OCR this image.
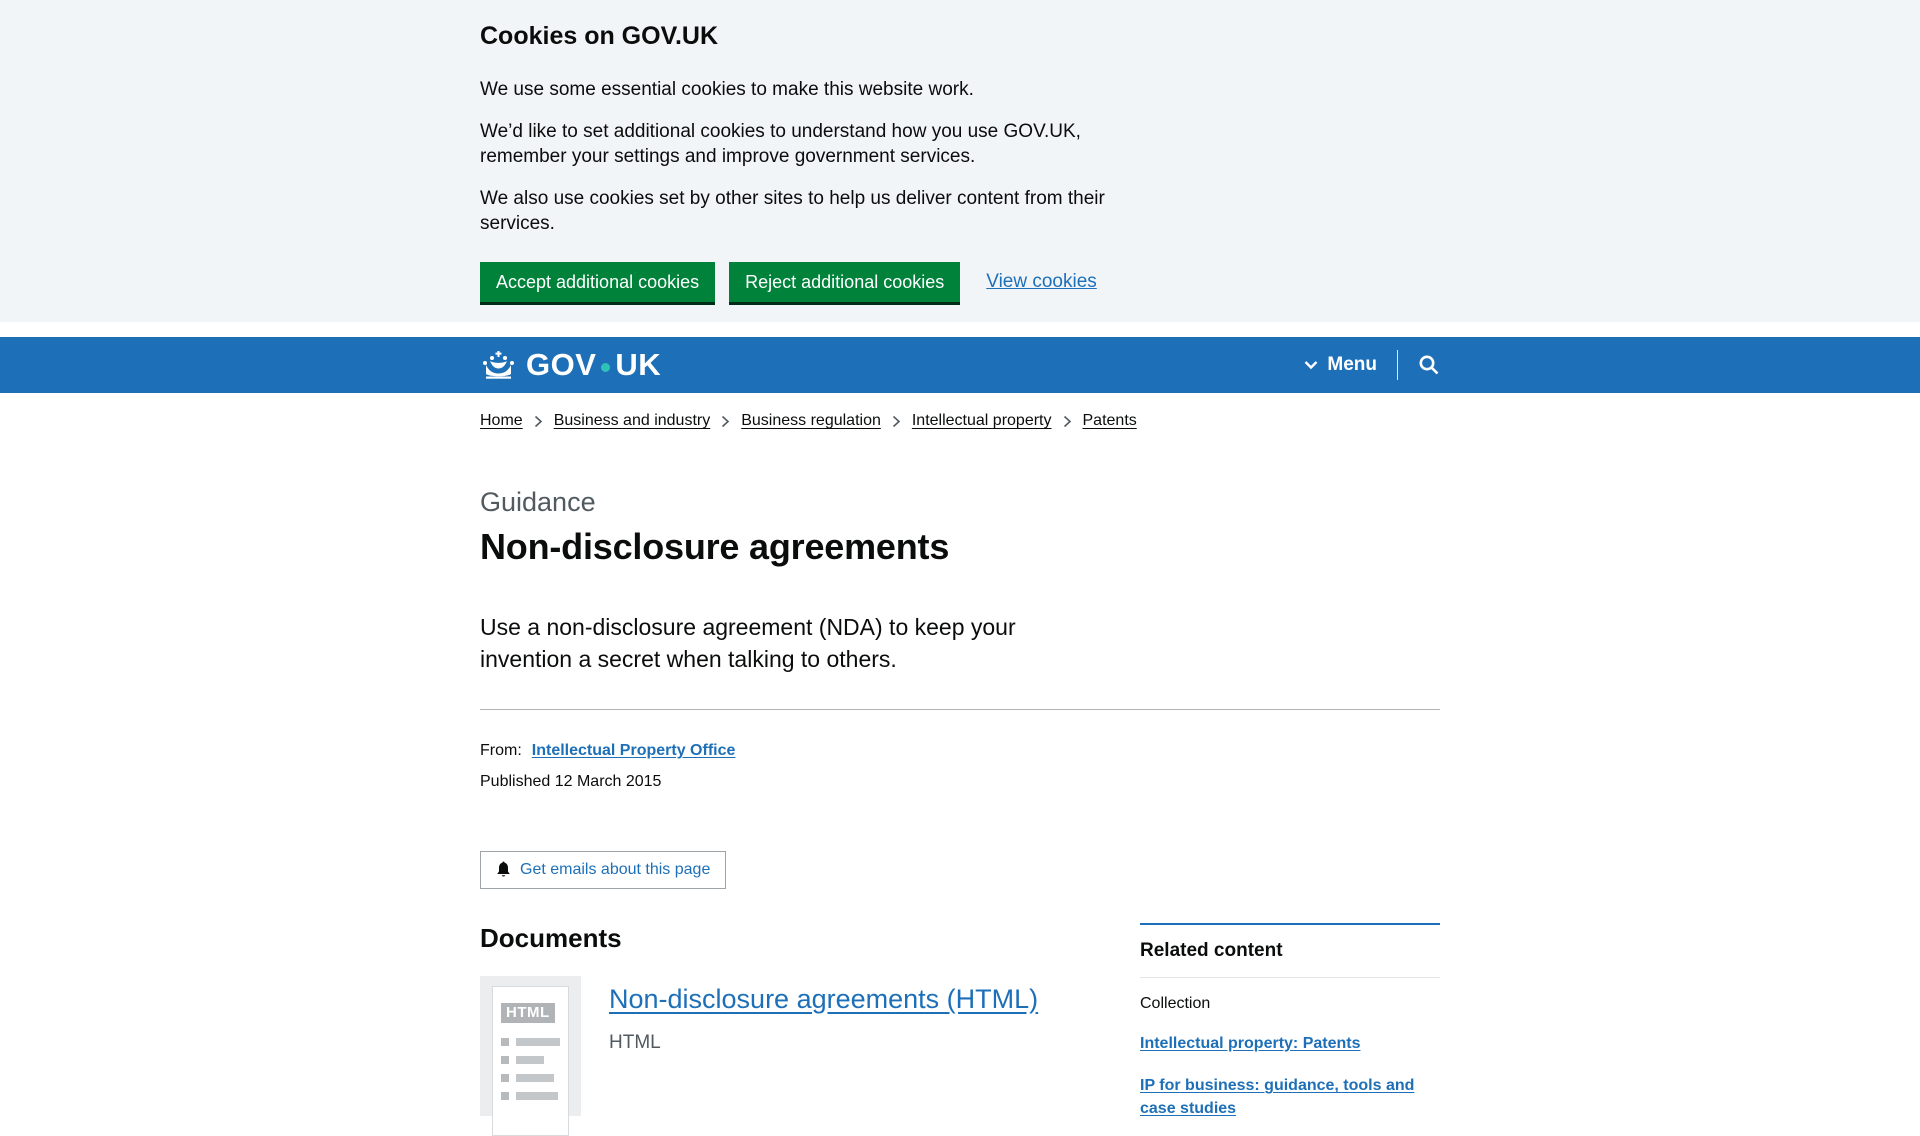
Cookies on GOV.UK

We use some essential cookies to make this website work.

We’d like to set additional cookies to understand how you use GOV.UK, remember your settings and improve government services.

We also use cookies set by other sites to help us deliver content from their services.

Accept additional cookies	Reject additional cookies	View cookies
GOV UK	Menu
Home Business and industry Business regulation Intellectual property Patents

Guidance

Non-disclosure agreements

Use a non-disclosure agreement (NDA) to keep your invention a secret when talking to others.

From: Intellectual Property Office
Published 12 March 2015
Get emails about this page
Documents
HTML	Non-disclosure agreements (HTML)
HTML
Related content
Collection
Intellectual property: Patents
IP for business: guidance, tools and case studies
